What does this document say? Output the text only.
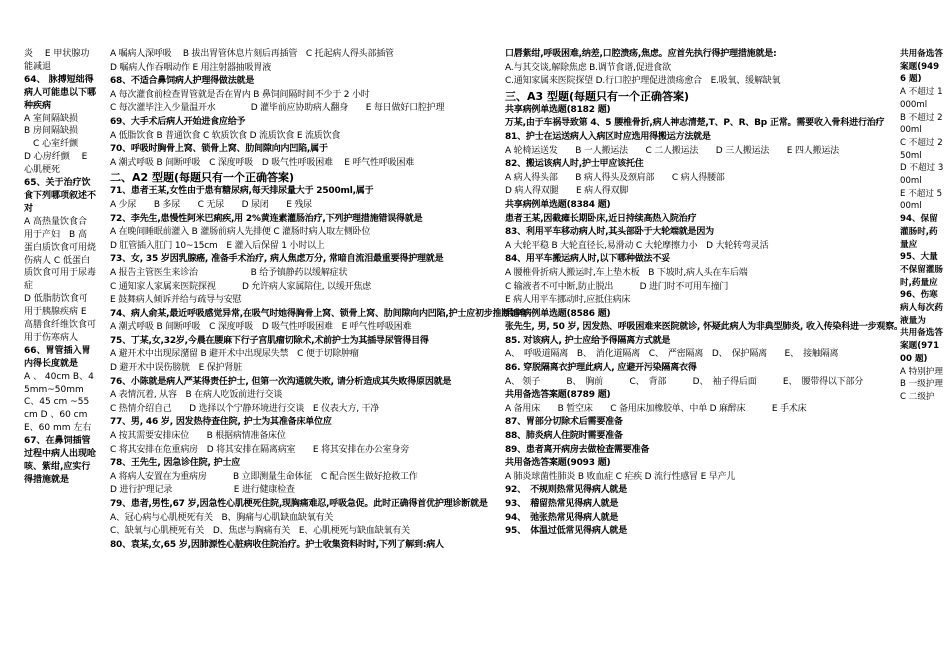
炎　 E 甲状腺功能减退
64、 脉搏短绌得病人可能患以下哪种疾病
A 室间隔缺损　 B 房间隔缺损 　C 心室纤颤　 D 心房纤颤 　E 心肌梗死
65、关于治疗饮食下列哪项叙述不对
A 高热量饮食合用于产妇　B 高蛋白质饮食可用烧伤病人 C 低蛋白质饮食可用于尿毒症
D 低脂肪饮食可用于胰腺疾病 E 高膳食纤维饮食可用于伤寒病人
66、胃管插入胃内得长度就是
A 、 40cm B、45mm~50mm C、45 cm ~55 cm D 、60 cm E、60 mm 左右
67、在鼻饲插管过程中病人出现呛咳、紫绀,应实行得措施就是
A 嘱病人深呼吸　 B 拔出胃管休息片刻后再插管　C 托起病人得头部插管
D 嘱病人作吞咽动作 E 用注射器抽吸胃液
68、不适合鼻饲病人护理得做法就是
A 每次灌食前检查胃管就是否在胃内 B 鼻饲间隔时间不少于 2 小时
C 每次灌毕注入少量温开水　　　　D 灌毕前应协助病人翻身　　E 每日做好口腔护理
69、大手术后病人开始进食应给予
A 低脂饮食 B 普通饮食 C 软质饮食 D 流质饮食 E 流质饮食
70、呼吸时胸骨上窝、锁骨上窝、肋间隙向内凹陷,属于
A 潮式呼吸 B 间断呼吸　C 深度呼吸　D 吸气性呼吸困难　 E 呼气性呼吸困难
二、A2 型题(每题只有一个正确答案)
71、患者王某,女性由于患有糖尿病,每天排尿量大于 2500ml,属于
A 少尿　　B 多尿　　C 无尿　　D 尿闭　　E 残尿
72、李先生,患慢性阿米巴痢疾,用 2%黄连素灌肠治疗,下列护理措施错误得就是
A 在晚间睡眠前灌入 B 灌肠前病人先排便 C 灌肠时病人取左侧卧位
D 肛管插入肛门 10~15cm　E 灌入后保留 1 小时以上
73、女, 35 岁因乳腺癌, 准备手术治疗, 病人焦虑万分, 常暗自流泪最重要得护理就是
A 报告主管医生来诊治　　　　　　B 给予镇静药以缓解症状
C 通知家人家属来医院探视　　　D 允许病人家属陪住, 以缓开焦虑
E 鼓舞病人倾诉并给与疏导与安慰
74、病人俞某,最近呼吸感觉异常,在吸气时她得胸骨上窝、锁骨上窝、肋间隙向内凹陷,护士应初步推断她有
A 潮式呼吸 B 间断呼吸　C 深度呼吸　D 吸气性呼吸困难　E 呼气性呼吸困难
75、丁某,女,32岁,今晨在腰麻下行子宫肌瘤切除术,术前护士为其插导尿管得目得
A 避开术中出现尿潴留 B 避开术中出现尿失禁　C 便于切除肿瘤
D 避开术中误伤膀胱　E 保护肾脏
76、小陈就是病人严某得责任护士, 但第一次沟通就失败, 请分析造成其失败得原因就是
A 表情沉着, 从容　B 在病人吃饭前进行交谈
C 热情介绍自己　　D 选择以个宁静环境进行交谈　E 仪表大方, 干净
77、男, 46 岁, 因发热待查住院, 护士为其准备床单位应
A 按其需要安排床位　　B 根据病情准备床位
C 将其安排在危重病房　D 将其安排在隔离病室　　E 将其安排在办公室身旁
78、王先生, 因急诊住院, 护士应
A 将病人安置在为重病房　　　B 立即测量生命体征　C 配合医生做好抢救工作
D 进行护理记录　　　　　　　E 进行健康检查
79、患者,男性,67 岁,因急性心肌梗死住院,现胸痛难忍,呼吸急促。此时正确得首优护理诊断就是
A、冠心病与心肌梗死有关　B、胸痛与心肌缺血缺氧有关
C、缺氧与心肌梗死有关　D、焦虑与胸痛有关　E、心肌梗死与缺血缺氧有关
80、袁某,女,65 岁,因肺源性心脏病收住院治疗。护士收集资料时时,下列了解到:病人
口唇紫绀,呼吸困难,纳差,口腔溃疡,焦虑。应首先执行得护理措施就是:
A.与其交谈,解除焦虑 B.调节食谱,促进食欲
C.通知家属来医院探望 D.行口腔护理促进溃疡愈合　E.吸氧、缓解缺氧
三、A3 型题(每题只有一个正确答案)
共享病例单选题(8182 题)
万某,由于车祸导致第 4、5 腰椎骨折,病人神志清楚,T、P、R、Bp 正常。需要收入骨科进行治疗
81、护士在运送病人入病区时应选用得搬运方法就是
A 轮椅运送发　　B 一人搬运法　　C 二人搬运法　　D 三人搬运法　　E 四人搬运法
82、搬运该病人时,护士甲应该托住
A 病人得头部　　B 病人得头及颈肩部　　C 病人得腰部
D 病人得双腿　　E 病人得双脚
共享病例单选题(8384 题)
患者王某,因截瘫长期卧床,近日持续高热入院治疗
83、利用平车移动病人时,其头部卧于大轮端就是因为
A 大轮平稳 B 大轮直径长,易滑动 C 大轮摩擦力小　D 大轮转弯灵活
84、用平车搬运病人时,以下哪种做法不妥
A 腰椎骨折病人搬运时,车上垫木板　B 下坡时,病人头在车后端
C 输液者不可中断,防止脱出　　　D 进门时不可用车撞门
E 病人用平车挪动时,应抵住病床
共享病例单选题(8586 题)
张先生, 男, 50 岁, 因发热、呼吸困难来医院就诊, 怀疑此病人为非典型肺炎, 收入传染科进一步观察。
85. 对该病人, 护士应给予得隔离方式就是
A、　呼吸道隔离　B、　消化道隔离　C、　严密隔离　D、　保护隔离　　E、　接触隔离
86. 穿脱隔离衣护理此病人, 应避开污染隔离衣得
A、 领子　　　B、　胸前　　　C、　背部　　　D、　袖子得后面　　　E、　腰带得以下部分
共用备选答案题(8789 题)
A 备用床　　B 暂空床　　C 备用床加橡胶单、中单 D 麻醉床　　　E 手术床
87、胃部分切除术后需要准备
88、肺炎病人住院时需要准备
89、患者离开病房去做检查需要准备
共用备选答案题(9093 题)
A 肺炎球菌性肺炎 B 败血症 C 疟疾 D 流行性感冒 E 早产儿
92、　不规则热常见得病人就是
93、　稽留热常见得病人就是
94、　弛张热常见得病人就是
95、　体温过低常见得病人就是
共用备选答案题(9496 题)
A 不超过 1000ml
B 不超过 200ml
C 不超过 250ml
D 不超过 300ml
E 不超过 500ml
94、保留灌肠时,药量应
95、大量不保留灌肠时,药量应
96、伤寒病人每次药液量为
共用备选答案题(97100 题)
A 特别护理 B 一级护理 C 二级护
